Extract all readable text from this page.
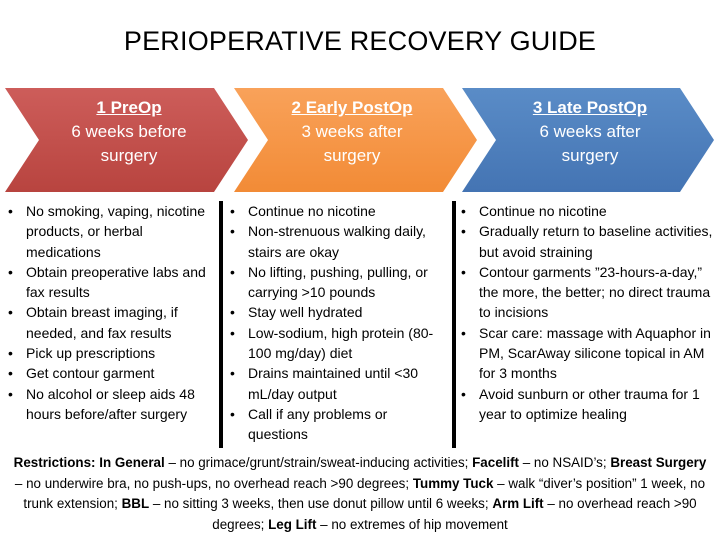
PERIOPERATIVE RECOVERY GUIDE
1 PreOp
6 weeks before
surgery
2 Early PostOp
3 weeks after
surgery
3 Late PostOp
6 weeks after
surgery
• No smoking, vaping, nicotine products, or herbal medications
• Obtain preoperative labs and fax results
• Obtain breast imaging, if needed, and fax results
• Pick up prescriptions
• Get contour garment
• No alcohol or sleep aids 48 hours before/after surgery
• Continue no nicotine
• Non-strenuous walking daily, stairs are okay
• No lifting, pushing, pulling, or carrying >10 pounds
• Stay well hydrated
• Low-sodium, high protein (80-100 mg/day) diet
• Drains maintained until <30 mL/day output
• Call if any problems or questions
• Continue no nicotine
• Gradually return to baseline activities, but avoid straining
• Contour garments ”23-hours-a-day,” the more, the better; no direct trauma to incisions
• Scar care: massage with Aquaphor in PM, ScarAway silicone topical in AM for 3 months
• Avoid sunburn or other trauma for 1 year to optimize healing
Restrictions: In General – no grimace/grunt/strain/sweat-inducing activities; Facelift – no NSAID’s; Breast Surgery – no underwire bra, no push-ups, no overhead reach >90 degrees; Tummy Tuck – walk “diver’s position” 1 week, no trunk extension; BBL – no sitting 3 weeks, then use donut pillow until 6 weeks; Arm Lift – no overhead reach >90 degrees; Leg Lift – no extremes of hip movement
